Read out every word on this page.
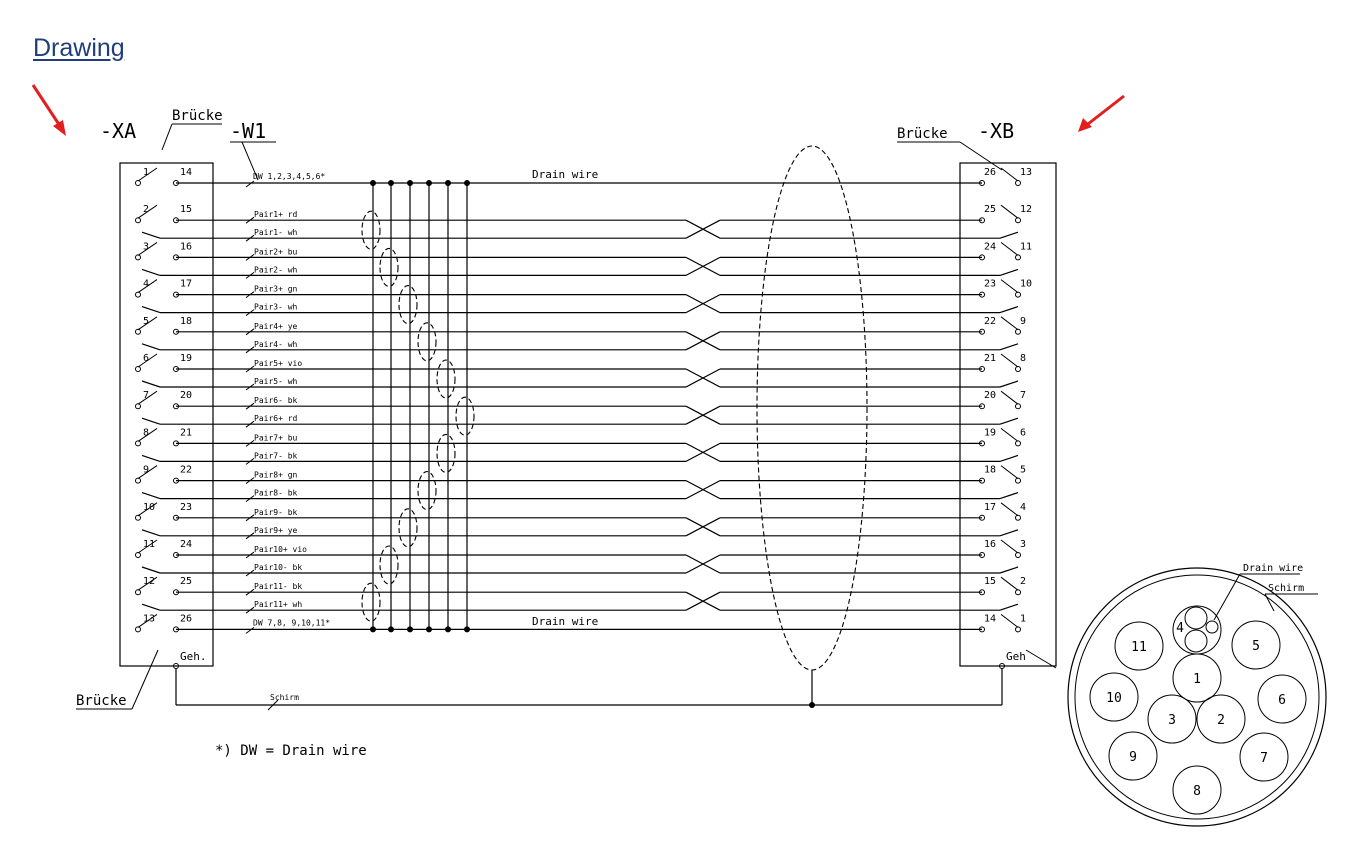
Drawing
-XA
Brücke
-W1	-XB
Brücke
1	14
2	15
3	16
4	17
5	18
6	19
7	20
8	21
9	22
10 23
11 24
12 25
13 26
26 13
25 12
24 11
23 10
22 9
21 8
20 7
19 6
18 5
17 4
16 3
15 2
14 1
DW 1,2,3,4,5,6*
Pair1+ rd
Pair1- wh
Pair2+ bu
Pair2- wh
Pair3+ gn
Pair3- wh
Pair4+ ye
Pair4- wh
Pair5+ vio
Pair5- wh
Pair6- bk
Pair6+ rd
Pair7+ bu
Pair7- bk
Pair8+ gn
Pair8- bk
Pair9- bk
Pair9+ ye
Pair10+ vio
Pair10- bk
Pair11- bk
Pair11+ wh
DW 7,8, 9,10,11*
Drain wire
Drain wire
Geh.	Geh
Schirm
Brücke
*) DW = Drain wire
1
2
3
4
5
6
7
8
9
10
11
Drain wire
Schirm
